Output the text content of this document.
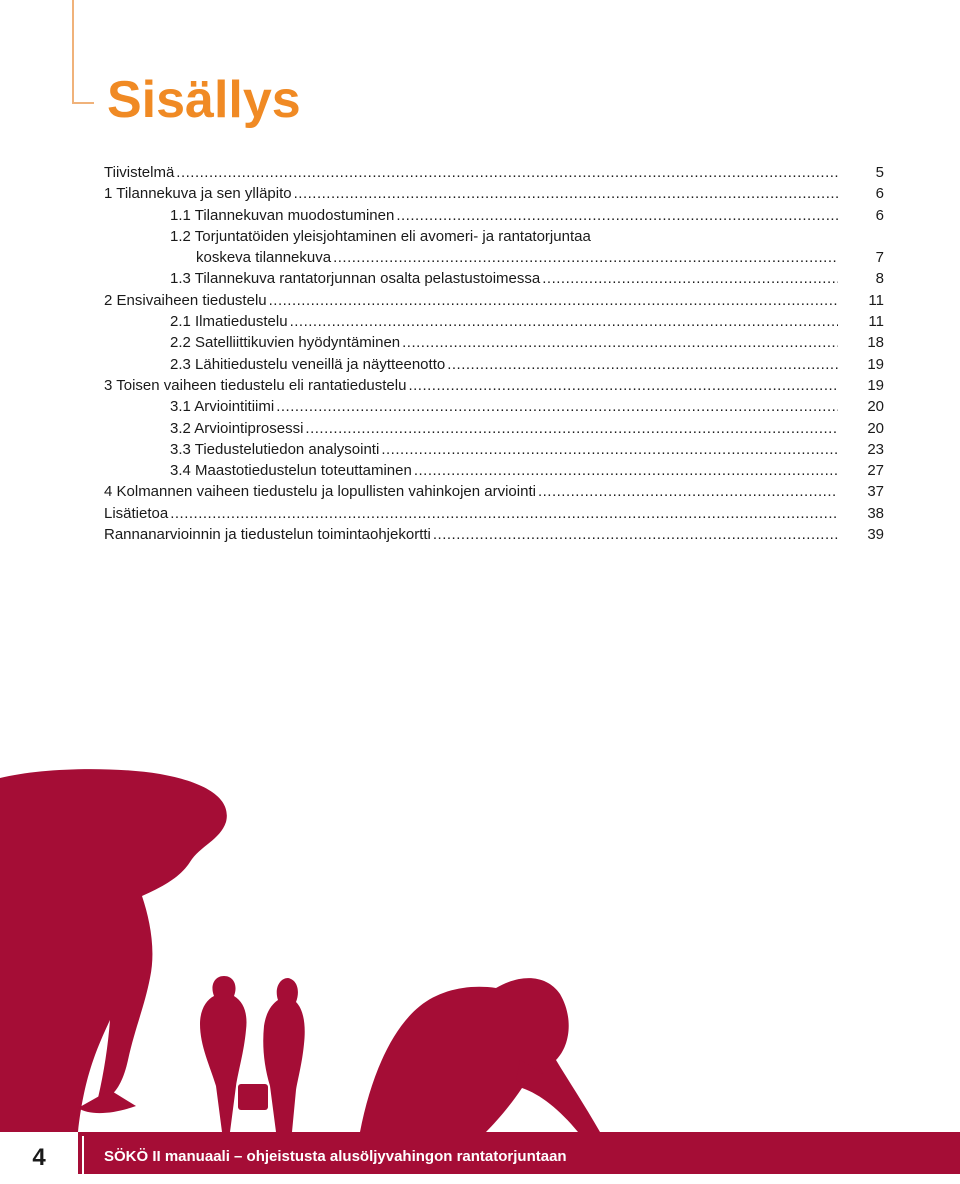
Sisällys
Tiivistelmä .....	5
1 Tilannekuva ja sen ylläpito .....	6
1.1 Tilannekuvan muodostuminen .....	6
1.2 Torjuntatöiden yleisjohtaminen eli avomeri- ja rantatorjuntaa
koskeva tilannekuva .....	7
1.3 Tilannekuva rantatorjunnan osalta pelastustoimessa .....	8
2 Ensivaiheen tiedustelu .....	11
2.1 Ilmatiedustelu .....	11
2.2 Satelliittikuvien hyödyntäminen .....	18
2.3 Lähitiedustelu veneillä ja näytteenotto .....	19
3 Toisen vaiheen tiedustelu eli rantatiedustelu .....	19
3.1 Arviointitiimi .....	20
3.2 Arviointiprosessi .....	20
3.3 Tiedustelutiedon analysointi .....	23
3.4 Maastotiedustelun toteuttaminen .....	27
4 Kolmannen vaiheen tiedustelu ja lopullisten vahinkojen arviointi .....	37
Lisätietoa .....	38
Rannanarvioinnin ja tiedustelun toimintaohjekortti .....	39
4	SÖKÖ II manuaali – ohjeistusta alusöljyvahingon rantatorjuntaan
